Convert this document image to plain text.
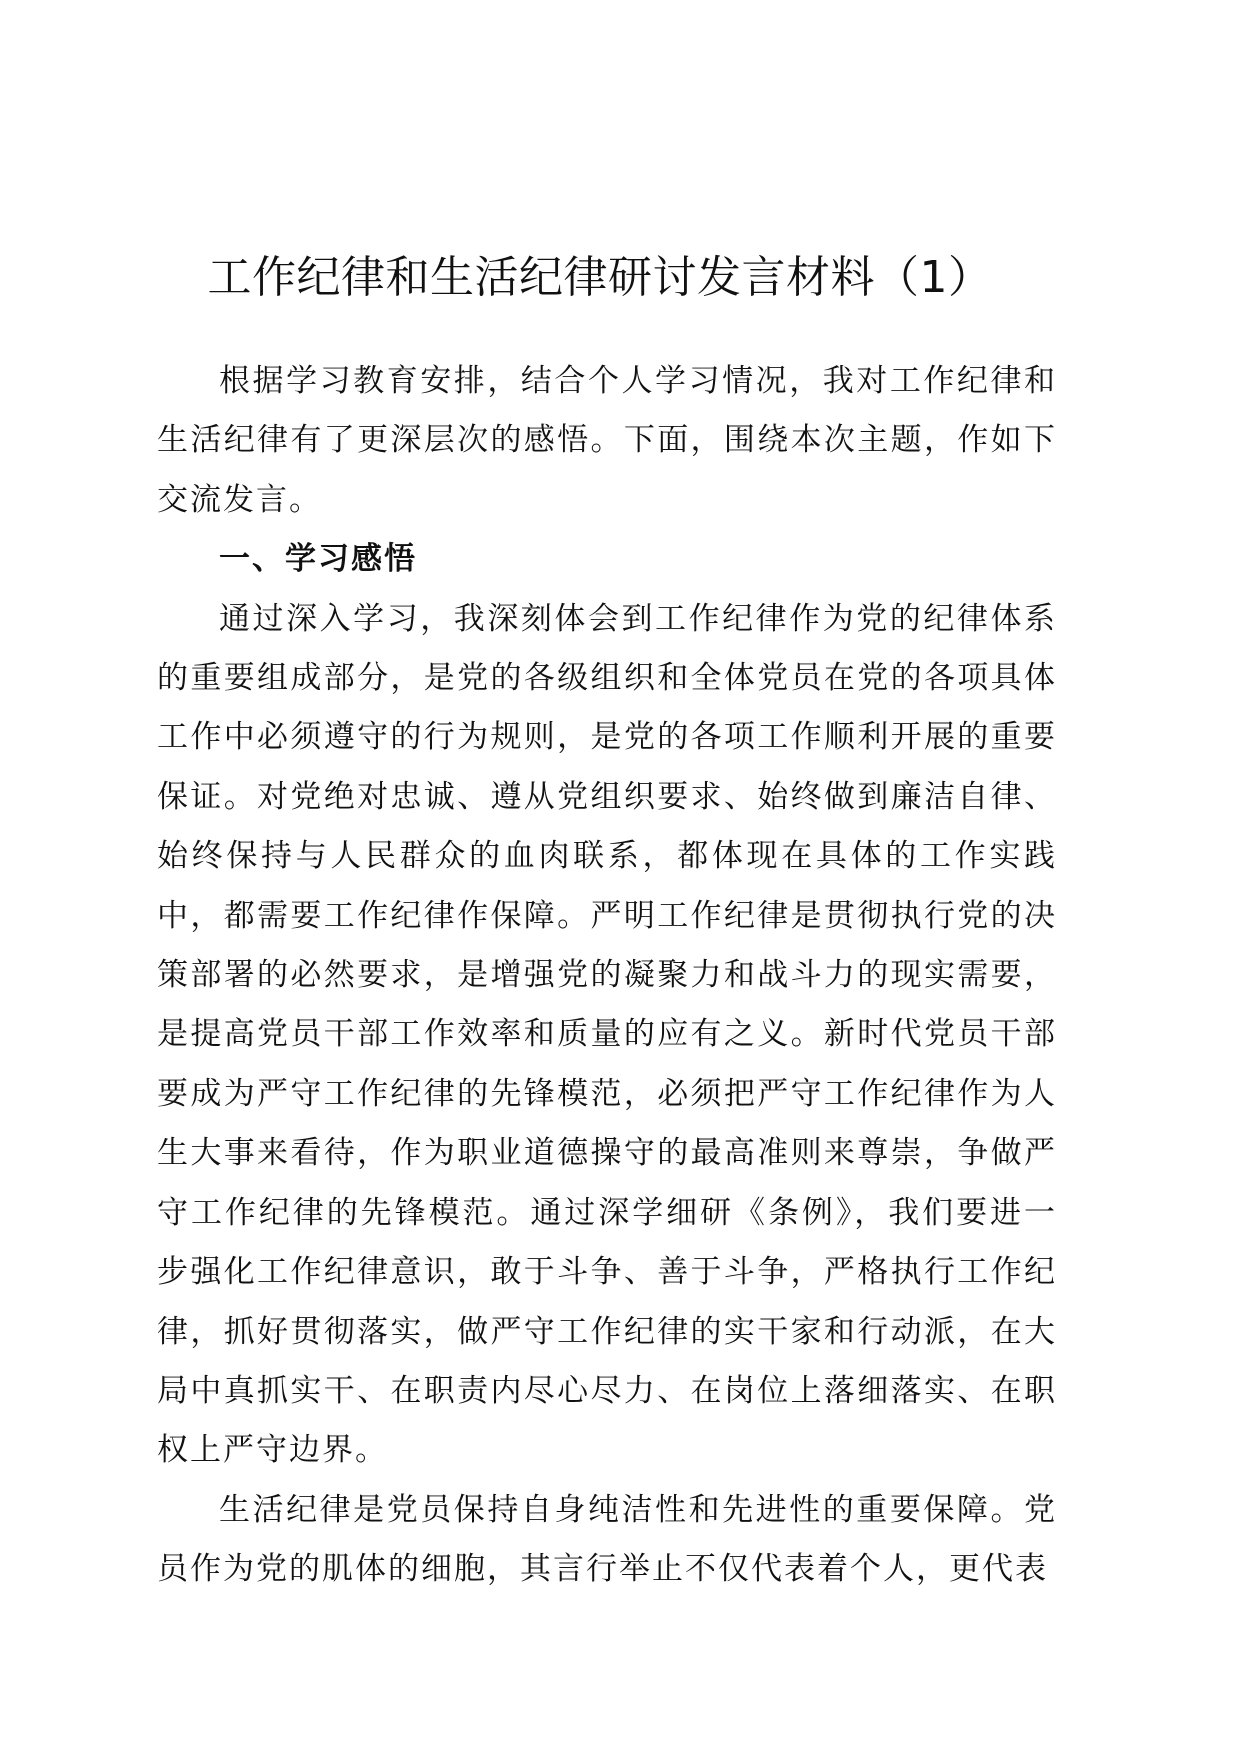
工作纪律和生活纪律研讨发言材料（1）

根据学习教育安排，结合个人学习情况，我对工作纪律和生活纪律有了更深层次的感悟。下面，围绕本次主题，作如下交流发言。

一、学习感悟

通过深入学习，我深刻体会到工作纪律作为党的纪律体系的重要组成部分，是党的各级组织和全体党员在党的各项具体工作中必须遵守的行为规则，是党的各项工作顺利开展的重要保证。对党绝对忠诚、遵从党组织要求、始终做到廉洁自律、始终保持与人民群众的血肉联系，都体现在具体的工作实践中，都需要工作纪律作保障。严明工作纪律是贯彻执行党的决策部署的必然要求，是增强党的凝聚力和战斗力的现实需要，是提高党员干部工作效率和质量的应有之义。新时代党员干部要成为严守工作纪律的先锋模范，必须把严守工作纪律作为人生大事来看待，作为职业道德操守的最高准则来尊崇，争做严守工作纪律的先锋模范。通过深学细研《条例》，我们要进一步强化工作纪律意识，敢于斗争、善于斗争，严格执行工作纪律，抓好贯彻落实，做严守工作纪律的实干家和行动派，在大局中真抓实干、在职责内尽心尽力、在岗位上落细落实、在职权上严守边界。

生活纪律是党员保持自身纯洁性和先进性的重要保障。党员作为党的肌体的细胞，其言行举止不仅代表着个人，更代表
